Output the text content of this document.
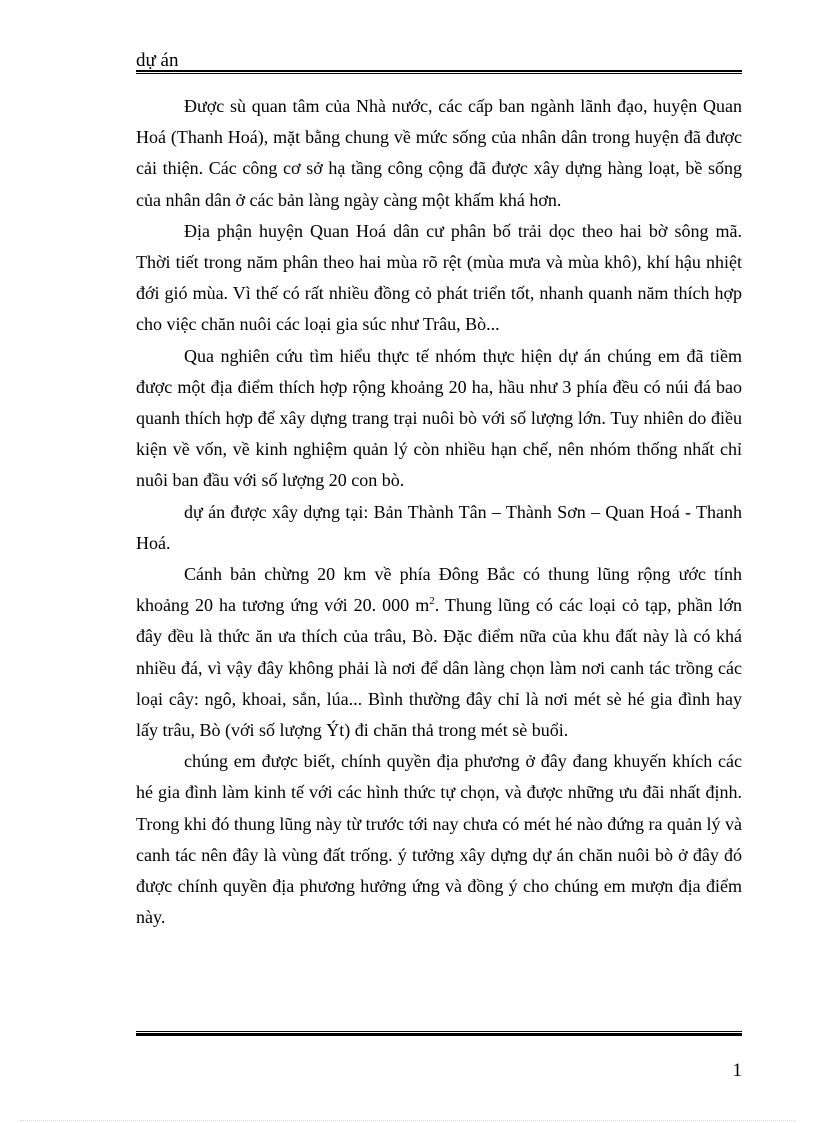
dự án

Được sù quan tâm của Nhà nước, các cấp ban ngành lãnh đạo, huyện Quan Hoá (Thanh Hoá), mặt bằng chung về mức sống của nhân dân trong huyện đã được cải thiện. Các công cơ sở hạ tầng công cộng đã được xây dựng hàng loạt, bề sống của nhân dân ở các bản làng ngày càng một khấm khá hơn.

Địa phận huyện Quan Hoá dân cư phân bố trải dọc theo hai bờ sông mã. Thời tiết trong năm phân theo hai mùa rõ rệt (mùa mưa và mùa khô), khí hậu nhiệt đới gió mùa. Vì thế có rất nhiều đồng cỏ phát triển tốt, nhanh quanh năm thích hợp cho việc chăn nuôi các loại gia súc như Trâu, Bò...

Qua nghiên cứu tìm hiểu thực tế nhóm thực hiện dự án chúng em đã tiềm được một địa điểm thích hợp rộng khoảng 20 ha, hầu như 3 phía đều có núi đá bao quanh thích hợp để xây dựng trang trại nuôi bò với số lượng lớn. Tuy nhiên do điều kiện về vốn, về kinh nghiệm quản lý còn nhiều hạn chế, nên nhóm thống nhất chỉ nuôi ban đầu với số lượng 20 con bò.

dự án được xây dựng tại: Bản Thành Tân – Thành Sơn – Quan Hoá - Thanh Hoá.

Cánh bản chừng 20 km về phía Đông Bắc có thung lũng rộng ước tính khoảng 20 ha tương ứng với 20. 000 $m^2$. Thung lũng có các loại cỏ tạp, phần lớn đây đều là thức ăn ưa thích của trâu, Bò. Đặc điểm nữa của khu đất này là có khá nhiều đá, vì vậy đây không phải là nơi để dân làng chọn làm nơi canh tác trồng các loại cây: ngô, khoai, sắn, lúa... Bình thường đây chỉ là nơi mét sè hé gia đình hay lấy trâu, Bò (với số lượng Ýt) đi chăn thả trong mét sè buổi.

chúng em được biết, chính quyền địa phương ở đây đang khuyến khích các hé gia đình làm kinh tế với các hình thức tự chọn, và được những ưu đãi nhất định. Trong khi đó thung lũng này từ trước tới nay chưa có mét hé nào đứng ra quản lý và canh tác nên đây là vùng đất trống. ý tưởng xây dựng dự án chăn nuôi bò ở đây đó được chính quyền địa phương hưởng ứng và đồng ý cho chúng em mượn địa điểm này.

1
